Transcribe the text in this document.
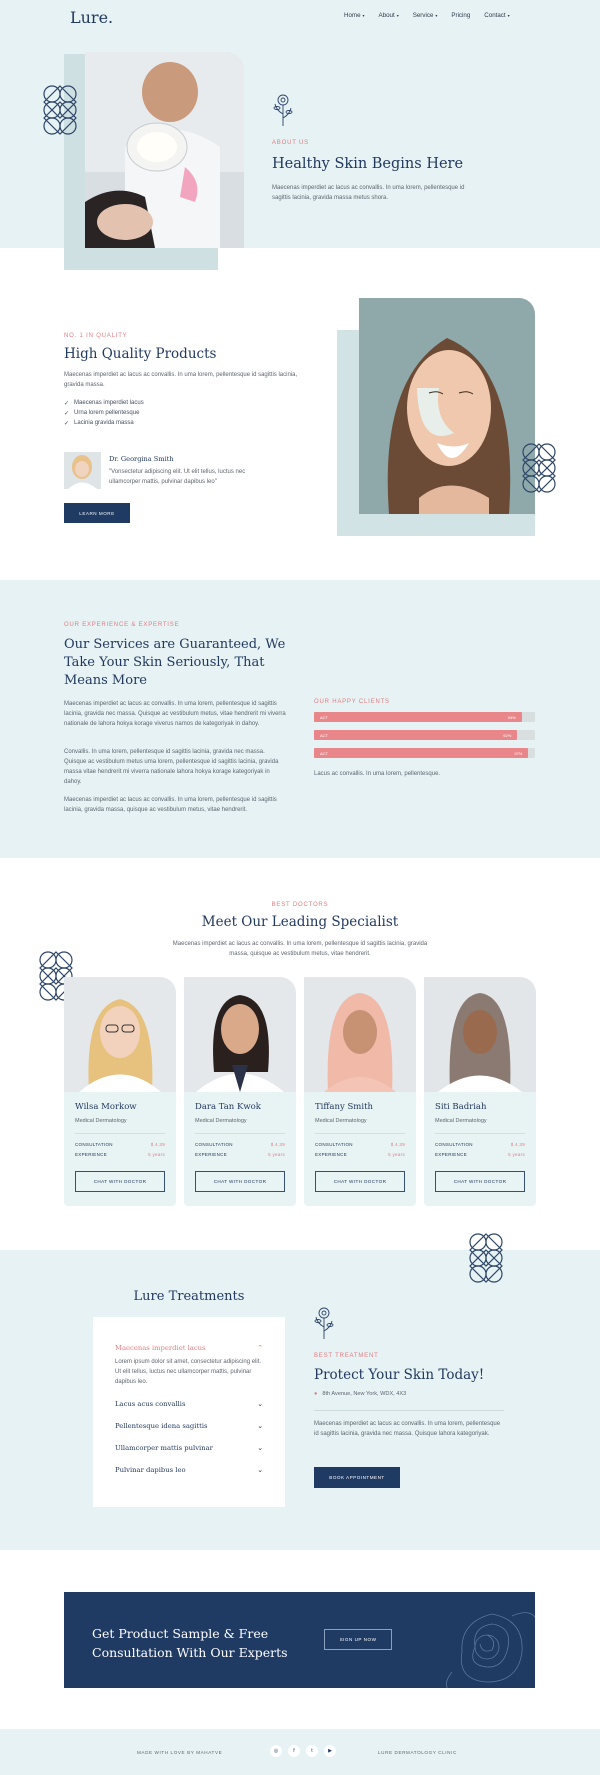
Lure.	Home ▾ About ▾ Service ▾ Pricing Contact ▾
ABOUT US
Healthy Skin Begins Here
Maecenas imperdiet ac lacus ac convallis. In uma lorem, pellentesque id sagittis lacinia, gravida massa metus shora.
NO. 1 IN QUALITY
High Quality Products
Maecenas imperdiet ac lacus ac convallis. In uma lorem, pellentesque id sagittis lacinia, gravida massa.
✓ Maecenas imperdiet lacus
✓ Urna lorem pellentesque
✓ Lacinia gravida massa
Dr. Georgina Smith
"Vonsectetur adipiscing elit. Ut elit tellus, luctus nec ullamcorper mattis, pulvinar dapibus leo"
LEARN MORE
OUR EXPERIENCE & EXPERTISE
Our Services are Guaranteed, We
Take Your Skin Seriously, That
Means More
Maecenas imperdiet ac lacus ac convallis. In uma lorem, pellentesque id sagittis lacinia, gravida nec massa. Quisque ac vestibulum metus, vitae hendrerit mi viverra nationale de lahora hokya korage viverus namos de kategoriyak in dahoy.
Convallis. In uma lorem, pellentesque id sagittis lacinia, gravida nec massa. Quisque ac vestibulum metus uma lorem, pellentesque id sagittis lacinia, gravida massa vitae hendrerit mi viverra nationale lahora hokya korage kategoriyak in dahoy.
Maecenas imperdiet ac lacus ac convallis. In uma lorem, pellentesque id sagittis lacinia, gravida massa, quisque ac vestibulum metus, vitae hendrerit.
OUR HAPPY CLIENTS
ACT	94%
ACT	92%
ACT	97%
Lacus ac convallis. In uma lorem, pellentesque.
BEST DOCTORS
Meet Our Leading Specialist
Maecenas imperdiet ac lacus ac convallis. In uma lorem, pellentesque id sagittis lacinia, gravida massa, quisque ac vestibulum metus, vitae hendrerit.
Wilsa Morkow
Medical Dermatology
CONSULTATION	$ 4.39
EXPERIENCE	5 years
CHAT WITH DOCTOR
Dara Tan Kwok
Medical Dermatology
CONSULTATION	$ 4.39
EXPERIENCE	5 years
CHAT WITH DOCTOR
Tiffany Smith
Medical Dermatology
CONSULTATION	$ 4.39
EXPERIENCE	5 years
CHAT WITH DOCTOR
Siti Badriah
Medical Dermatology
CONSULTATION	$ 4.39
EXPERIENCE	5 years
CHAT WITH DOCTOR
Lure Treatments
Maecenas imperdiet lacus	⌃
Lorem ipsum dolor sit amet, consectetur adipiscing elit. Ut elit tellus, luctus nec ullamcorper mattis, pulvinar dapibus leo.
Lacus acus convallis	⌄
Pellentesque idena sagittis	⌄
Ullamcorper mattis pulvinar	⌄
Pulvinar dapibus leo	⌄
BEST TREATMENT
Protect Your Skin Today!
● 8th Avenue, New York, WDX, 4X3
Maecenas imperdiet ac lacus ac convallis. In uma lorem, pellentesque id sagittis lacinia, gravida nec massa. Quisque lahora kategoriyak.
BOOK APPOINTMENT
Get Product Sample & Free
Consultation With Our Experts
SIGN UP NOW
MADE WITH LOVE BY MAHATVE	◎	f	t	▶	LURE DERMATOLOGY CLINIC
